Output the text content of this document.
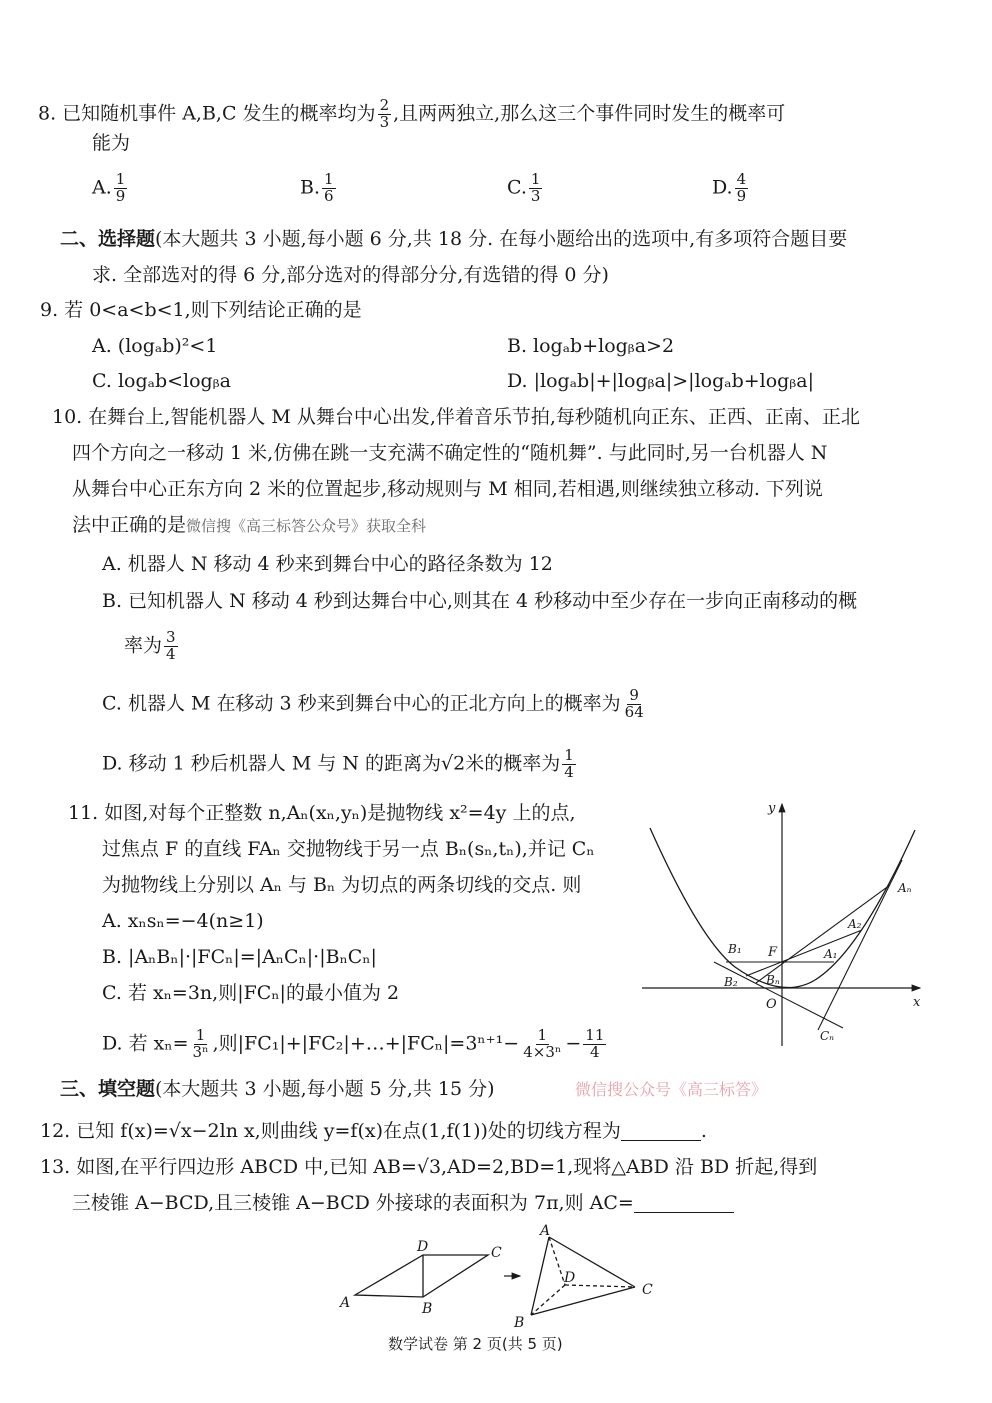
8. 已知随机事件 A,B,C 发生的概率均为 $\frac{2}{3}$ ,且两两独立,那么这三个事件同时发生的概率可
能为
A. $\frac{1}{9}$	B. $\frac{1}{6}$	C. $\frac{1}{3}$	D. $\frac{4}{9}$
二、选择题(本大题共 3 小题,每小题 6 分,共 18 分. 在每小题给出的选项中,有多项符合题目要
求. 全部选对的得 6 分,部分选对的得部分分,有选错的得 0 分)
9. 若 0<a<b<1,则下列结论正确的是
A. (logₐb)²<1	B. logₐb+logᵦa>2
C. logₐb<logᵦa	D. |logₐb|+|logᵦa|>|logₐb+logᵦa|
10. 在舞台上,智能机器人 M 从舞台中心出发,伴着音乐节拍,每秒随机向正东、正西、正南、正北
四个方向之一移动 1 米,仿佛在跳一支充满不确定性的“随机舞”. 与此同时,另一台机器人 N
从舞台中心正东方向 2 米的位置起步,移动规则与 M 相同,若相遇,则继续独立移动. 下列说
法中正确的是微信搜《高三标答公众号》获取全科
A. 机器人 N 移动 4 秒来到舞台中心的路径条数为 12
B. 已知机器人 N 移动 4 秒到达舞台中心,则其在 4 秒移动中至少存在一步向正南移动的概
率为 $\frac{3}{4}$
C. 机器人 M 在移动 3 秒来到舞台中心的正北方向上的概率为 $\frac{9}{64}$
D. 移动 1 秒后机器人 M 与 N 的距离为√2米的概率为 $\frac{1}{4}$
11. 如图,对每个正整数 n,Aₙ(xₙ,yₙ)是抛物线 x²=4y 上的点,
过焦点 F 的直线 FAₙ 交抛物线于另一点 Bₙ(sₙ,tₙ),并记 Cₙ
为抛物线上分别以 Aₙ 与 Bₙ 为切点的两条切线的交点. 则
A. xₙsₙ=−4(n≥1)
B. |AₙBₙ|·|FCₙ|=|AₙCₙ|·|BₙCₙ|
C. 若 xₙ=3n,则|FCₙ|的最小值为 2
D. 若 $x_n= \frac{1}{\text{3ⁿ}}$ ,则|FC₁|+|FC₂|+…+|FCₙ|=3ⁿ⁺¹− $\frac{1}{\text{4×3ⁿ}} - \frac{11}{4}$
y
x
O
F	A₁
A₂
Aₙ
B₁
B₂ Bₙ
Cₙ
三、填空题(本大题共 3 小题,每小题 5 分,共 15 分)	微信搜公众号《高三标答》
12. 已知 f(x)=√x−2ln x,则曲线 y=f(x)在点(1,f(1))处的切线方程为	.
13. 如图,在平行四边形 ABCD 中,已知 AB=√3,AD=2,BD=1,现将△ABD 沿 BD 折起,得到
三棱锥 A−BCD,且三棱锥 A−BCD 外接球的表面积为 7π,则 AC=
A	B
C
D
A
B
C
D
数学试卷 第 2 页(共 5 页)
